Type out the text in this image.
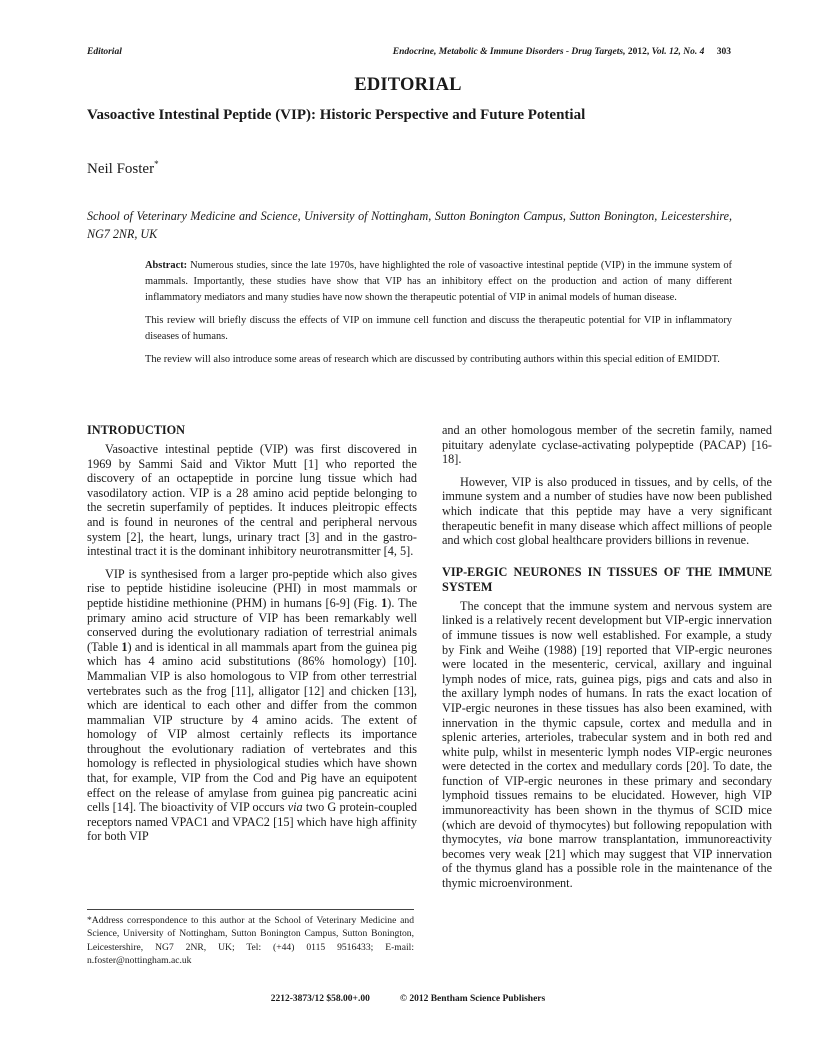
Editorial	Endocrine, Metabolic & Immune Disorders - Drug Targets, 2012, Vol. 12, No. 4 303
EDITORIAL
Vasoactive Intestinal Peptide (VIP): Historic Perspective and Future Potential
Neil Foster*
School of Veterinary Medicine and Science, University of Nottingham, Sutton Bonington Campus, Sutton Bonington, Leicestershire, NG7 2NR, UK

Abstract: Numerous studies, since the late 1970s, have highlighted the role of vasoactive intestinal peptide (VIP) in the immune system of mammals. Importantly, these studies have show that VIP has an inhibitory effect on the production and action of many different inflammatory mediators and many studies have now shown the therapeutic potential of VIP in animal models of human disease.

This review will briefly discuss the effects of VIP on immune cell function and discuss the therapeutic potential for VIP in inflammatory diseases of humans.

The review will also introduce some areas of research which are discussed by contributing authors within this special edition of EMIDDT.

INTRODUCTION

Vasoactive intestinal peptide (VIP) was first discovered in 1969 by Sammi Said and Viktor Mutt [1] who reported the discovery of an octapeptide in porcine lung tissue which had vasodilatory action. VIP is a 28 amino acid peptide belonging to the secretin superfamily of peptides. It induces pleitropic effects and is found in neurones of the central and peripheral nervous system [2], the heart, lungs, urinary tract [3] and in the gastro-intestinal tract it is the dominant inhibitory neurotransmitter [4, 5].

VIP is synthesised from a larger pro-peptide which also gives rise to peptide histidine isoleucine (PHI) in most mammals or peptide histidine methionine (PHM) in humans [6-9] (Fig. 1). The primary amino acid structure of VIP has been remarkably well conserved during the evolutionary radiation of terrestrial animals (Table 1) and is identical in all mammals apart from the guinea pig which has 4 amino acid substitutions (86% homology) [10]. Mammalian VIP is also homologous to VIP from other terrestrial vertebrates such as the frog [11], alligator [12] and chicken [13], which are identical to each other and differ from the common mammalian VIP structure by 4 amino acids. The extent of homology of VIP almost certainly reflects its importance throughout the evolutionary radiation of vertebrates and this homology is reflected in physiological studies which have shown that, for example, VIP from the Cod and Pig have an equipotent effect on the release of amylase from guinea pig pancreatic acini cells [14]. The bioactivity of VIP occurs via two G protein-coupled receptors named VPAC1 and VPAC2 [15] which have high affinity for both VIP

*Address correspondence to this author at the School of Veterinary Medicine and Science, University of Nottingham, Sutton Bonington Campus, Sutton Bonington, Leicestershire, NG7 2NR, UK; Tel: (+44) 0115 9516433; E-mail: n.foster@nottingham.ac.uk

and an other homologous member of the secretin family, named pituitary adenylate cyclase-activating polypeptide (PACAP) [16-18].

However, VIP is also produced in tissues, and by cells, of the immune system and a number of studies have now been published which indicate that this peptide may have a very significant therapeutic benefit in many disease which affect millions of people and which cost global healthcare providers billions in revenue.

VIP-ERGIC NEURONES IN TISSUES OF THE IMMUNE SYSTEM

The concept that the immune system and nervous system are linked is a relatively recent development but VIP-ergic innervation of immune tissues is now well established. For example, a study by Fink and Weihe (1988) [19] reported that VIP-ergic neurones were located in the mesenteric, cervical, axillary and inguinal lymph nodes of mice, rats, guinea pigs, pigs and cats and also in the axillary lymph nodes of humans. In rats the exact location of VIP-ergic neurones in these tissues has also been examined, with innervation in the thymic capsule, cortex and medulla and in splenic arteries, arterioles, trabecular system and in both red and white pulp, whilst in mesenteric lymph nodes VIP-ergic neurones were detected in the cortex and medullary cords [20]. To date, the function of VIP-ergic neurones in these primary and secondary lymphoid tissues remains to be elucidated. However, high VIP immunoreactivity has been shown in the thymus of SCID mice (which are devoid of thymocytes) but following repopulation with thymocytes, via bone marrow transplantation, immunoreactivity becomes very weak [21] which may suggest that VIP innervation of the thymus gland has a possible role in the maintenance of the thymic microenvironment.

2212-3873/12 $58.00+.00	© 2012 Bentham Science Publishers
